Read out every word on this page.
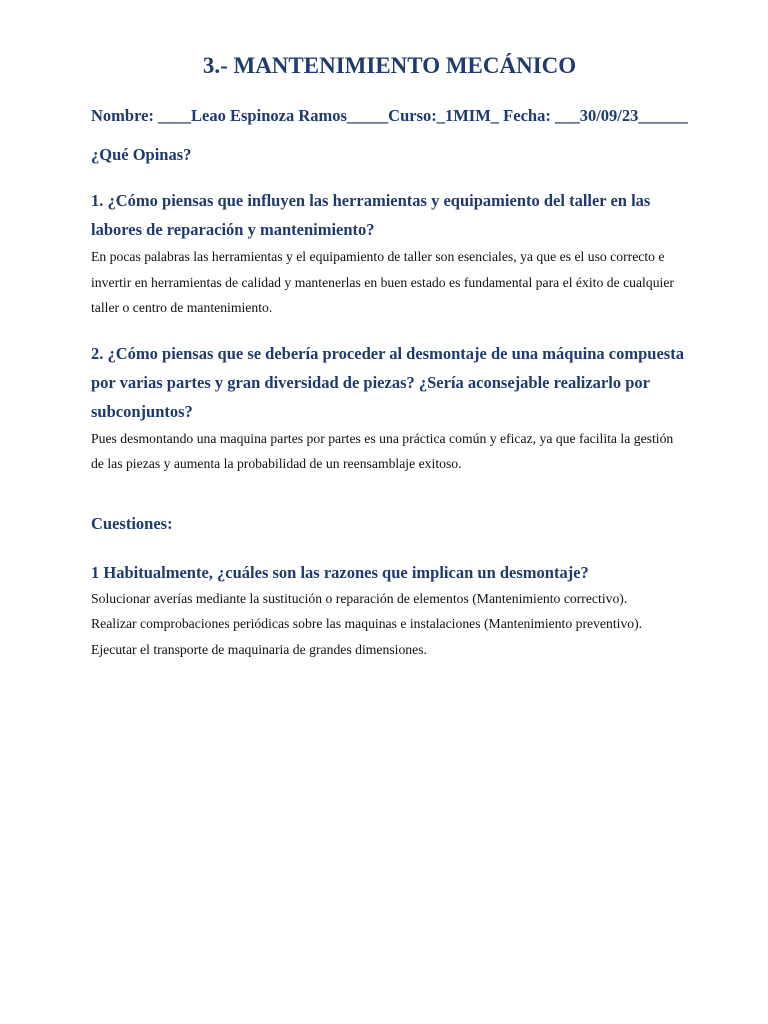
3.- MANTENIMIENTO MECÁNICO

Nombre: ____Leao Espinoza Ramos_____Curso:_1MIM_ Fecha: ___30/09/23______

¿Qué Opinas?

1. ¿Cómo piensas que influyen las herramientas y equipamiento del taller en las labores de reparación y mantenimiento?

En pocas palabras las herramientas y el equipamiento de taller son esenciales, ya que es el uso correcto e invertir en herramientas de calidad y mantenerlas en buen estado es fundamental para el éxito de cualquier taller o centro de mantenimiento.

2. ¿Cómo piensas que se debería proceder al desmontaje de una máquina compuesta por varias partes y gran diversidad de piezas? ¿Sería aconsejable realizarlo por subconjuntos?

Pues desmontando una maquina partes por partes es una práctica común y eficaz, ya que facilita la gestión de las piezas y aumenta la probabilidad de un reensamblaje exitoso.

Cuestiones:

1 Habitualmente, ¿cuáles son las razones que implican un desmontaje?

Solucionar averías mediante la sustitución o reparación de elementos (Mantenimiento correctivo).

Realizar comprobaciones periódicas sobre las maquinas e instalaciones (Mantenimiento preventivo).

Ejecutar el transporte de maquinaria de grandes dimensiones.
